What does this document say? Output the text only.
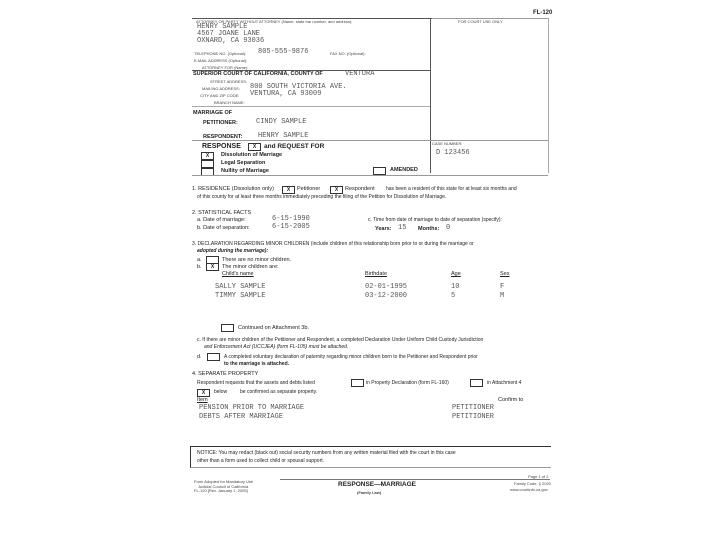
FL-120
ATTORNEY OR PARTY WITHOUT ATTORNEY (Name, state bar number, and address):	FOR COURT USE ONLY
HENRY SAMPLE
4567 JOANE LANE
OXNARD, CA 93036
TELEPHONE NO. (Optional): 805-555-9876	FAX NO. (Optional):
E-MAIL ADDRESS (Optional):
ATTORNEY FOR (Name):
SUPERIOR COURT OF CALIFORNIA, COUNTY OF	VENTURA
STREET ADDRESS:
MAILING ADDRESS: 800 SOUTH VICTORIA AVE.
CITY AND ZIP CODE: VENTURA, CA 93009
BRANCH NAME:
MARRIAGE OF
PETITIONER:	CINDY SAMPLE
RESPONDENT: HENRY SAMPLE
RESPONSE	X	and REQUEST FOR
X	Dissolution of Marriage
Legal Separation
Nullity of Marriage	AMENDED
CASE NUMBER:
D 123456
1. RESIDENCE (Dissolution only)	X	Petitioner	X	Respondent has been a resident of this state for at least six months and
of this county for at least three months immediately preceding the filing of the Petition for Dissolution of Marriage.
2. STATISTICAL FACTS
a. Date of marriage:	6-15-1990
b. Date of separation:	6-15-2005
c. Time from date of marriage to date of separation (specify):
Years: 15 Months: 0
3. DECLARATION REGARDING MINOR CHILDREN (include children of this relationship born prior to or during the marriage or
adopted during the marriage):
a.	There are no minor children.
b.	X	The minor children are:
Child's name	Birthdate	Age	Sex
SALLY SAMPLE	02-01-1995	10	F
TIMMY SAMPLE	03-12-2000	5	M
Continued on Attachment 3b.
c. If there are minor children of the Petitioner and Respondent, a completed Declaration Under Uniform Child Custody Jurisdiction
and Enforcement Act (UCCJEA) (form FL-105) must be attached.
d.	A completed voluntary declaration of paternity regarding minor children born to the Petitioner and Respondent prior
to the marriage is attached.
4. SEPARATE PROPERTY
Respondent requests that the assets and debts listed	in Property Declaration (form FL-160)	in Attachment 4
X	below	be confirmed as separate property.
Item	Confirm to
PENSION PRIOR TO MARRIAGE	PETITIONER
DEBTS AFTER MARRIAGE	PETITIONER
NOTICE: You may redact (black out) social security numbers from any written material filed with the court in this case
other than a form used to collect child or spousal support.
Form Adopted for Mandatory Use
Judicial Council of California
FL-120 [Rev. January 1, 2005]
RESPONSE—MARRIAGE
(Family Law)
Page 1 of 2
Family Code, § 2020
www.courtinfo.ca.gov
